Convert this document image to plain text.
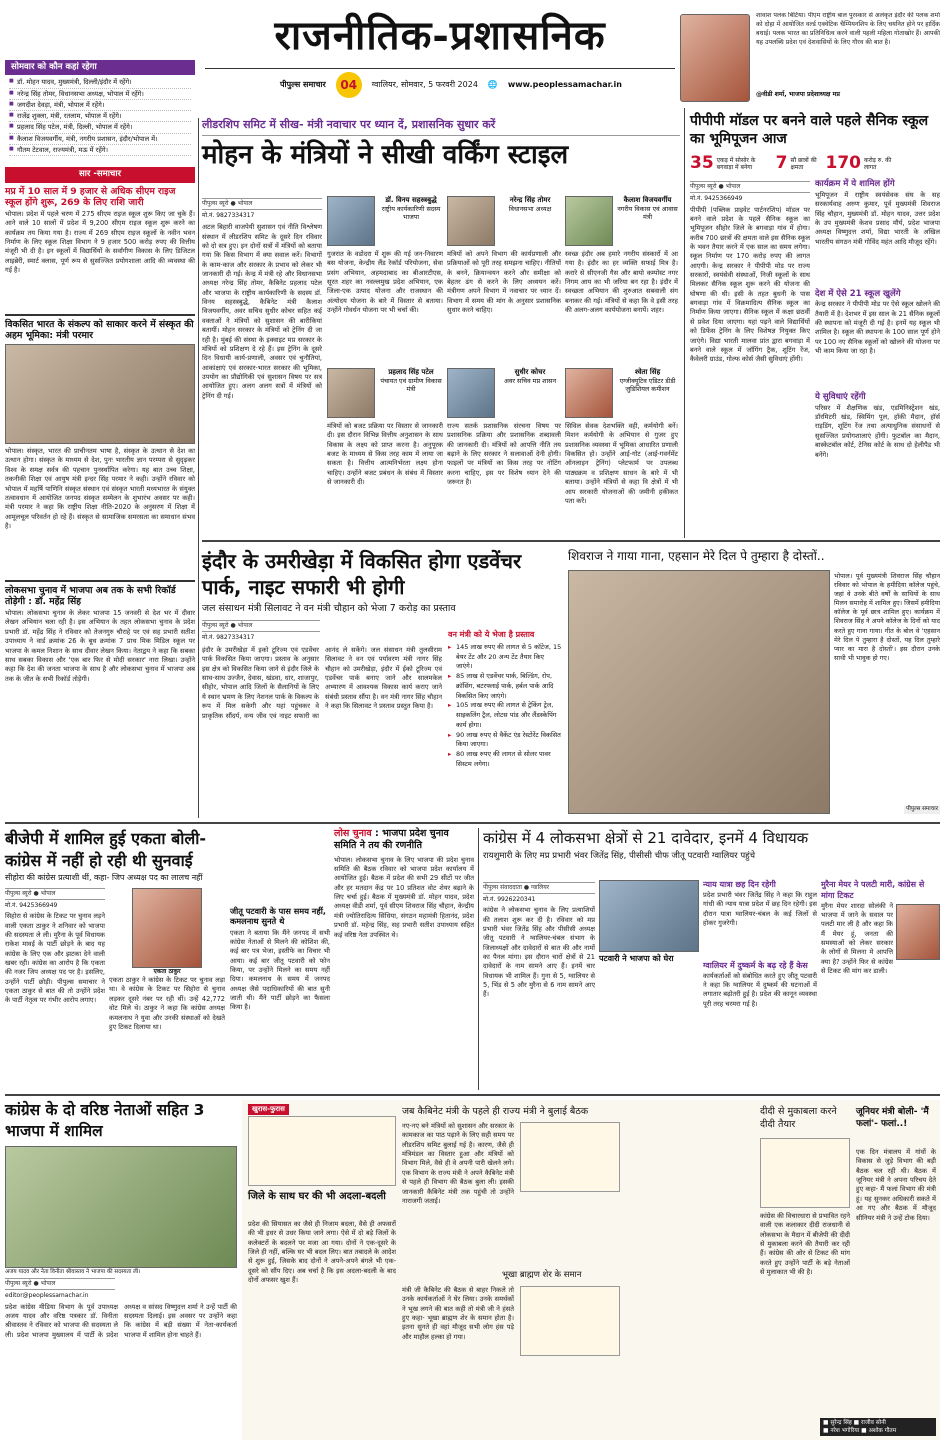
राजनीतिक-प्रशासनिक
पीपुल्स समाचार	04	ग्वालियर, सोमवार, 5 फरवरी 2024 🌐 www.peoplessamachar.in
शावाश पलक बिटिया। पीएम राष्ट्रीय बाल पुरस्कार से अलंकृत इंदौर की पलक शर्मा को दोहा में आयोजित वर्ल्ड एक्वेटिक चैम्पियनशिप के लिए चयनित होने पर हार्दिक बधाई। पलक भारत का प्रतिनिधित्व करने वाली पहली महिला गोताखोर हैं। आपकी यह उपलब्धि प्रदेश एवं देशवासियों के लिए गौरव की बात है।
@वीडी शर्मा, भाजपा प्रदेशाध्यक्ष मप्र
सोमवार को कौन कहां रहेगा
■ डॉ. मोहन यादव, मुख्यमंत्री, दिल्ली/इंदौर में रहेंगे।
■ नरेन्द्र सिंह तोमर, विधानसभा अध्यक्ष, भोपाल में रहेंगे।
■ जगदीश देवड़ा, मंत्री, भोपाल में रहेंगे।
■ राजेंद्र शुक्ला, मंत्री, रतलाम, भोपाल में रहेंगे।
■ प्रहलाद सिंह पटेल, मंत्री, दिल्ली, भोपाल में रहेंगे।
■ कैलाश विजयवर्गीय, मंत्री, नगरीय प्रशासन, इंदौर/भोपाल में।
■ गौतम टेटवाल, राज्यमंत्री, मऊ में रहेंगे।
सार -समाचार
मप्र में 10 साल में 9 हजार से अधिक सीएम राइज स्कूल होंगे शुरू, 269 के लिए राशि जारी
भोपाल। प्रदेश में पहले चरण में 275 सीएम राइज स्कूल शुरू किए जा चुके हैं। आने वाले 10 सालों में प्रदेश में 9,200 सीएम राइज स्कूल शुरू करने का कार्यक्रम तय किया गया है। राज्य में 269 सीएम राइज स्कूलों के नवीन भवन निर्माण के लिए स्कूल शिक्षा विभाग ने 9 हजार 500 करोड़ रुपए की वित्तीय मंजूरी भी दी है। इन स्कूलों में विद्यार्थियों के सर्वांगीण विकास के लिए डिजिटल लाइब्रेरी, स्मार्ट क्लास, पूर्ण रूप से सुसज्जित प्रयोगशाला आदि की व्यवस्था की गई है।
विकसित भारत के संकल्प को साकार करने में संस्कृत की अहम भूमिका: मंत्री परमार
भोपाल। संस्कृत, भारत की प्राचीनतम भाषा है, संस्कृत के उत्थान से देश का उत्थान होगा। संस्कृत के माध्यम से देश, पुनः भारतीय ज्ञान परम्परा से सुदृढ़कर विश्व के समक्ष सर्वत्र की पहचान पुनर्स्थापित करेगा। यह बात उच्च शिक्षा, तकनीकी शिक्षा एवं आयुष मंत्री इन्दर सिंह परमार ने कही। उन्होंने रविवार को भोपाल में महर्षि पाणिनि संस्कृत संस्थान एवं संस्कृत भारती मध्यभारत के संयुक्त तत्वावधान में आयोजित जनपद संस्कृत सम्मेलन के शुभारंभ अवसर पर कही। मंत्री परमार ने कहा कि राष्ट्रीय शिक्षा नीति-2020 के अनुसरण में शिक्षा में आमूलचूल परिवर्तन हो रहे हैं। संस्कृत से सामाजिक समरसता का समाधान संभव है।
लोकसभा चुनाव में भाजपा अब तक के सभी रिकॉर्ड तोड़ेगी : डॉ. महेंद्र सिंह
भोपाल। लोकसभा चुनाव के लेकर भाजपा 15 जनवरी से देश भर में दीवार लेखन अभियान चला रही है। इस अभियान के तहत लोकसभा चुनाव के प्रदेश प्रभारी डॉ. महेंद्र सिंह ने रविवार को तेजनगुरु चौराहे पर एवं सह प्रभारी सतीश उपाध्याय ने वार्ड क्रमांक 26 के बूथ क्रमांक 7 प्राथ मिक मिडिल स्कूल पर भाजपा के कमल निशान के साथ दीवार लेखन किया। नेताद्वय ने कहा कि सबका साथ सबका विकास और 'एक बार फिर से मोदी सरकार' नारा लिखा। उन्होंने कहा कि देश की जनता भाजपा के साथ है और लोकसभा चुनाव में भाजपा अब तक के जीत के सभी रिकॉर्ड तोड़ेगी।
लीडरशिप समिट में सीख- मंत्री नवाचार पर ध्यान दें, प्रशासनिक सुधार करें
मोहन के मंत्रियों ने सीखी वर्किंग स्टाइल
पीपुल्स ब्यूरो ● भोपाल
मो.नं. 9827334317
अटल बिहारी वाजपेयी सुशासन एवं नीति विश्लेषण संस्थान में लीडरशिप समिट के दूसरे दिन रविवार को दो सत्र हुए। इन दोनों सत्रों में मंत्रियों को बताया गया कि किस विभाग में क्या सवाल करें। विभागों के काम-काज और सरकार के प्रभाव को लेकर भी जानकारी दी गई। केन्द्र में मंत्री रहे और विधानसभा अध्यक्ष नरेन्द्र सिंह तोमर, कैबिनेट प्रहलाद पटेल और भाजपा के राष्ट्रीय कार्यकारिणी के सदस्य डॉ. विनय सहस्त्रबुद्धे, कैबिनेट मंत्री कैलाश विजयवर्गीय, अवर सचिव सुधीर कोचर सहित कई वक्ताओं ने मंत्रियों को सुशासन की बारीकियां बतायीं। मोहन सरकार के मंत्रियों को ट्रेनिंग दी जा रही है। मुंबई की संस्था के इक्वाइट मप्र सरकार के मंत्रियों को प्रशिक्षण दे रहे हैं। इस ट्रेनिंग के दूसरे दिन विधायी कार्य-प्रणाली, अवसर एवं चुनौतियां, आकांक्षाएं एवं सरकार-भारत सरकार की भूमिका, उपयोग का प्रौद्योगिकी एवं सुशासन विषय पर सत्र आयोजित हुए। अलग अलग सत्रों में मंत्रियों को ट्रेनिंग दी गई।
डॉ. विनय सहस्त्रबुद्धे
राष्ट्रीय कार्यकारिणी सदस्य भाजपा
गुजरात के वडोदरा में शुरू की गई जन-निवारण बस योजना, केन्द्रीय लैंड रेकॉर्ड परियोजना, सेवा प्रसंग अभियान, अहमदाबाद का बीआरटीएस, सूरत शहर का नवल्लमुख प्रदेश अभियान, एक जिला-एक उत्पाद योजना और राजस्थान की अंत्योदय योजना के बारे में विस्तार से बताया। उन्होंने गोवर्धन योजना पर भी चर्चा की।
नरेन्द्र सिंह तोमर
विधानसभा अध्यक्ष
मंत्रियों को अपने विभाग की कार्यप्रणाली और प्रक्रियाओं को पूरी तरह समझना चाहिए। नीतियों के बनने, क्रियान्वयन करने और समीक्षा को बेहतर ढंग से करने के लिए अध्ययन करें। मंत्रीगण अपने विभाग में नवाचार पर ध्यान दें। विभाग में समय की मांग के अनुसार प्रशासनिक सुधार करने चाहिए।
कैलाश विजयवर्गीय
नगरीय विकास एवं आवास मंत्री
स्वच्छ इंदौर अब हमारे नगरीय संस्कारों में आ गया है। इंदौर का हर व्यक्ति सफाई मित्र है। करारे से सीएनजी गैस और बायो कम्पोस्ट नगर निगम आय का भी जरिया बन रहा है। इंदौर में स्वच्छता अभियान की शुरुआत सबवाली संग बनाकर की गई। मंत्रियों से कहा कि वे इसी तरह की अलग-अलग कार्ययोजना बनायें। शहर।
प्रहलाद सिंह पटेल
पंचायत एवं ग्रामीण विकास मंत्री
मंत्रियों को बजट प्रक्रिया पर विस्तार से जानकारी दी। इस दौरान विभिन्न वित्तीय अनुशासन के साथ विकास के लक्ष्य को प्राप्त करना है। अनुपूरक बजट के माध्यम से किस तरह काम में लाया जा सकता है। वित्तीय आत्मनिर्भरता लक्ष्य होना चाहिए। उन्होंने बजट प्रबंधन के संबंध में विस्तार से जानकारी दी।
सुधीर कोचर
अवर सचिव मप्र शासन
राज्य सतर्क प्रशासनिक संरचना विषय पर प्रशासनिक प्रक्रिया और प्रशासनिक शब्दावली की जानकारी दी। मंत्रियों को आपत्ति नीति तय बढ़ाने के लिए सरकार ने सलावाओं देनी होगी। फाइलों पर मंत्रियों का किस तरह पर नोटिंग करना चाहिए, इस पर विशेष ध्यान देने की जरूरत है।
श्वेता सिंह
एग्जीक्यूटिव एडिटर डीडी जुडिशियल कमीशन
सिविल सेवक देशभक्ति वही, कर्मयोगी बनें। मिशन कर्मयोगी के अभियान से गुजर हुए प्रशासनिक व्यवस्था में भूमिका आधारित प्रणाली विकसित हो। उन्होंने आई-गोट (आई-गवर्नमेंट ऑनलाइन ट्रेनिंग) प्लेटफार्म पर उपलब्ध पाठ्यक्रम व प्रशिक्षण साधन के बारे में भी बताया। उन्होंने मंत्रियों से कहा वि क्षेत्रों में भी आप सरकारी योजनाओं की जमीनी हकीकत पता करें।
पीपीपी मॉडल पर बनने वाले पहले सैनिक स्कूल का भूमिपूजन आज
35 एकड़ में सोसोर के बगवाड़ा में बनेगा	7 सौ छात्रों की क्षमता	170 करोड़ रु. की लागत
पीपुल्स ब्यूरो ● भोपाल
मो.नं. 9425366949
पीपीपी (पब्लिक प्राइवेट पार्टनरशिप) मॉडल पर बनने वाले प्रदेश के पहले सैनिक स्कूल का भूमिपूजन सीहोर जिले के बगवाड़ा गांव में होगा। करीब 700 छात्रों की क्षमता वाले इस सैनिक स्कूल के भवन तैयार करने में एक साल का समय लगेगा। स्कूल निर्माण पर 170 करोड़ रुपए की लागत आएगी। केन्द्र सरकार ने पीपीपी मोड पर राज्य सरकारों, स्वयंसेवी संस्थाओं, निजी स्कूलों के साथ मिलकर सैनिक स्कूल शुरू करने की योजना की घोषणा की थी। इसी के तहत बुधनी के पास बगवाड़ा गांव में विक्रमादित्य सैनिक स्कूल का निर्माण किया जाएगा। सैनिक स्कूल में कक्षा छठवीं से प्रवेश दिया जाएगा। यहां पढ़ने वाले विद्यार्थियों को डिफेंस ट्रेनिंग के लिए विशेषज्ञ नियुक्त किए जाएंगे। विद्या भारती मालवा प्रांत द्वारा बगवाड़ा में बनने वाले स्कूल में जॉगिंग ट्रैक, शूटिंग रेंज, कैवेलरी ग्राउंड, गोल्फ कोर्स जैसी सुविधाएं होंगी।
कार्यक्रम में ये शामिल होंगे
भूमिपूजन में राष्ट्रीय स्वयंसेवक संघ के सह सरकार्यवाह अरुण कुमार, पूर्व मुख्यमंत्री शिवराज सिंह चौहान, मुख्यमंत्री डॉ. मोहन यादव, उत्तर प्रदेश के उप मुख्यमंत्री केशव प्रसाद मौर्य, प्रदेश भाजपा अध्यक्ष विष्णुदत्त शर्मा, विद्या भारती के अखिल भारतीय संगठन मंत्री गोविंद महंत आदि मौजूद रहेंगे।
देश में ऐसे 21 स्कूल खुलेंगे
केन्द्र सरकार ने पीपीपी मोड पर ऐसे स्कूल खोलने की तैयारी में है। देशभर में इस साल के 21 सैनिक स्कूलों की स्थापना को मंजूरी दी गई है। इनमें यह स्कूल भी शामिल है। स्कूल की स्थापना के 100 साल पूर्ण होने पर 100 नए सैनिक स्कूलों को खोलने की योजना पर भी काम किया जा रहा है।
ये सुविधाएं रहेंगी
परिसर में शैक्षणिक खंड, एडमिनिस्ट्रेशन खंड, डॉरमिटरी खंड, स्विमिंग पूल, हॉकी मैदान, हॉर्स राइडिंग, शूटिंग रेंज तथा अत्याधुनिक संसाधनों से सुसज्जित प्रयोगशालाएं होंगी। फुटबॉल का मैदान, बास्केटबॉल कोर्ट, टेनिस कोर्ट के साथ दो हेलीपैड भी बनेंगे।
इंदौर के उमरीखेड़ा में विकसित होगा एडवेंचर पार्क, नाइट सफारी भी होगी
जल संसाधन मंत्री सिलावट ने वन मंत्री चौहान को भेजा 7 करोड़ का प्रस्ताव
पीपुल्स ब्यूरो ● भोपाल
मो.नं. 9827334317
इंदौर के उमरीखेड़ा में इको टूरिज्म एवं एडवेंचर पार्क विकसित किया जाएगा। प्रस्ताव के अनुसार इस क्षेत्र को विकसित किया जाने से इंदौर जिले के साथ-साथ उज्जैन, देवास, खंडवा, धार, शाजापुर, सीहोर, भोपाल आदि जिलों के सैलानियों के लिए ये स्थान भ्रमण के लिए नेशनल पार्क के विकल्प के रूप में मिल सकेगी और यहां पहुंचकर वे प्राकृतिक सौंदर्य, वन्य जीव एवं नाइट सफारी का आनंद ले सकेंगे। जल संसाधन मंत्री तुलसीराम सिलावट ने वन एवं पर्यावरण मंत्री नागर सिंह चौहान को उमरीखेड़ा, इंदौर में ईको टूरिज्म एवं एडवेंचर पार्क बनाए जाने और सालमकेल अभ्यारण में आवश्यक विकास कार्य कराए जाने संबंधी प्रस्ताव सौंपा है। वन मंत्री नागर सिंह चौहान ने कहा कि सिलावट ने प्रस्ताव प्रस्तुत किया है।
वन मंत्री को ये भेजा है प्रस्ताव
▸ 145 लाख रुपए की लागत से 5 कॉटेज, 15 बेयर टेंट और 20 अन्य टेंट तैयार किए जाएंगे।
▸ 85 लाख से एडवेंचर पार्क, बिल्डिंग, रोप, क्रॉसिंग, बटरफ्लाई पार्क, हर्बल पार्क आदि विकसित किए जाएंगे।
▸ 105 लाख रुपए की लागत से ट्रेकिंग ट्रेल, साइकलिंग ट्रैल, लोटस पांड और लैंडस्केपिंग कार्य होगा।
▸ 90 लाख रुपए से वैकेंट एंड रेस्टोरेंट विकसित किया जाएगा।
▸ 80 लाख रुपए की लागत से सोलर पावर सिस्टम लगेगा।
शिवराज ने गाया गाना, एहसान मेरे दिल पे तुम्हारा है दोस्तों..
भोपाल। पूर्व मुख्यमंत्री शिवराज सिंह चौहान रविवार को भोपाल के हमीदिया कॉलेज पहुंचे, जहां वे उनके बीते वर्षों के साथियों के साथ मिलन समारोह में शामिल हुए। जिसमें हमीदिया कॉलेज के पूर्व छात्र शामिल हुए। कार्यक्रम में शिवराज सिंह ने अपने कॉलेज के दिनों को याद करते हुए गाना गाया। गीत के बोल थे 'एहसान मेरे दिल पे तुम्हारा है दोस्तों, यह दिल तुम्हारे प्यार का मारा है दोस्तों'। इस दौरान उनके साथी भी भावुक हो गए।
पीपुल्स समाचार
बीजेपी में शामिल हुई एकता बोली- कांग्रेस में नहीं हो रही थी सुनवाई
सीहोरा की कांग्रेस प्रत्याशी थीं, कहा- जिप अध्यक्ष पद का लालच नहीं
पीपुल्स ब्यूरो ● भोपाल
मो.नं. 9425366949
सिहोरा से कांग्रेस के टिकट पर चुनाव लड़ने वाली एकता ठाकुर ने शनिवार को भाजपा की सदस्यता ले ली। मुरैना के पूर्व विधायक राकेश मावई के पार्टी छोड़ने के बाद यह कांग्रेस के लिए एक और झटका देने वाली खबर रही। कांग्रेस का आरोप है कि एकता की नजर जिप अध्यक्ष पद पर है। इसलिए, उन्होंने पार्टी छोड़ी। पीपुल्स समाचार ने एकता ठाकुर से बात की तो उन्होंने प्रदेश के पार्टी नेतृत्व पर गंभीर आरोप लगाए।
एकता ठाकुर
एकता ठाकुर ने कांग्रेस के टिकट पर चुनाव लड़ा था। वे कांग्रेस के टिकट पर सिहोरा से चुनाव लड़कर दूसरे नंबर पर रही थीं। उन्हें 42,772 वोट मिले थे। ठाकुर ने कहा कि कांग्रेस अध्यक्ष कमलनाथ ने युवा और उनकी संस्थाओं को देखते हुए टिकट दिलाया था।
जीतू पटवारी के पास समय नहीं, कमलनाथ सुनते थे
एकता ने बताया कि मैंने जनपद में सभी कांग्रेस नेताओं से मिलने की कोशिश की, कई बार पत्र भेजा, इस्तीफे का विचार भी आया। कई बार जीतू पटवारी को फोन किया, पर उन्होंने मिलने का समय नहीं दिया। कमलनाथ के समय में जनपद अध्यक्ष जैसे पदाधिकारियों की बात सुनी जाती थी। मैंने पार्टी छोड़ने का फैसला किया है।
लोस चुनाव : भाजपा प्रदेश चुनाव समिति ने तय की रणनीति
भोपाल। लोकसभा चुनाव के लिए भाजपा की प्रदेश चुनाव समिति की बैठक रविवार को भाजपा प्रदेश कार्यालय में आयोजित हुई। बैठक में प्रदेश की सभी 29 सीटों पर जीत और हर मतदान केंद्र पर 10 प्रतिशत वोट शेयर बढ़ाने के लिए चर्चा हुई। बैठक में मुख्यमंत्री डॉ. मोहन यादव, प्रदेश अध्यक्ष वीडी शर्मा, पूर्व सीएम शिवराज सिंह चौहान, केन्द्रीय मंत्री ज्योतिरादित्य सिंधिया, संगठन महामंत्री हितानंद, प्रदेश प्रभारी डॉ. महेन्द्र सिंह, सह प्रभारी सतीश उपाध्याय सहित कई वरिष्ठ नेता उपस्थित थे।
कांग्रेस में 4 लोकसभा क्षेत्रों से 21 दावेदार, इनमें 4 विधायक
रायशुमारी के लिए मप्र प्रभारी भंवर जितेंद्र सिंह, पीसीसी चीफ जीतू पटवारी ग्वालियर पहुंचे
पीपुल्स संवाददाता ● ग्वालियर
मो.नं. 9926220341
कांग्रेस ने लोकसभा चुनाव के लिए प्रत्याशियों की तलाश शुरू कर दी है। रविवार को मप्र प्रभारी भंवर जितेंद्र सिंह और पीसीसी अध्यक्ष जीतू पटवारी ने ग्वालियर-चंबल संभाग के जिलाध्यक्षों और दावेदारों से बात की और नामों का पैनल मांगा। इस दौरान चारों क्षेत्रों से 21 दावेदारों के नाम सामने आए हैं। इनमें चार विधायक भी शामिल हैं। गुना से 5, ग्वालियर से 5, भिंड से 5 और मुरैना से 6 नाम सामने आए हैं।
पटवारी ने भाजपा को घेरा
न्याय यात्रा छह दिन रहेगी
प्रदेश प्रभारी भंवर जितेंद्र सिंह ने कहा कि राहुल गांधी की न्याय यात्रा प्रदेश में छह दिन रहेगी। इस दौरान यात्रा ग्वालियर-चंबल के कई जिलों से होकर गुजरेगी।
ग्वालियर में दुष्कर्म के बढ़ रहे हैं केस
कार्यकर्ताओं को संबोधित करते हुए जीतू पटवारी ने कहा कि ग्वालियर में दुष्कर्म की घटनाओं में लगातार बढ़ोतरी हुई है। प्रदेश की कानून व्यवस्था पूरी तरह चरमरा गई है।
मुरैना मेयर ने पलटी मारी, कांग्रेस से मांगा टिकट
मुरैना मेयर शारदा सोलंकी ने भाजपा में जाने के सवाल पर पलटी मार ली है और कहा कि मैं मेयर हूं, जनता की समस्याओं को लेकर सरकार के लोगों से मिलना मे आपत्ति क्या है? उन्होंने फिर से कांग्रेस से टिकट की मांग कर डाली।
कांग्रेस के दो वरिष्ठ नेताओं सहित 3 भाजपा में शामिल
अजय यादव और नेता विनीता श्रीवास्तव ने भाजपा की सदस्यता ली।
पीपुल्स ब्यूरो ● भोपाल
editor@peoplessamachar.in
प्रदेश कांग्रेस मीडिया विभाग के पूर्व उपाध्यक्ष अजय यादव और वरिष्ठ पत्रकार डॉ. विनीता श्रीवास्तव ने रविवार को भाजपा की सदस्यता ले ली। प्रदेश भाजपा मुख्यालय में पार्टी के प्रदेश अध्यक्ष व सांसद विष्णुदत्त शर्मा ने उन्हें पार्टी की सदस्यता दिलाई। इस अवसर पर उन्होंने कहा कि कांग्रेस में बड़ी संख्या में नेता-कार्यकर्ता भाजपा में शामिल होना चाहते हैं।
खुरास-फुरास
जिले के साथ घर की भी अदला-बदली
प्रदेश की सियासत का जैसे ही निजाम बदला, वैसे ही अफसरों की भी इधर से उधर किया जाने लगा। ऐसे में दो बड़े जिलों के कलेक्टरों के बदलने पर मजा आ गया। दोनों ने एक-दूसरे के जिले ही नहीं, बल्कि घर भी बदल लिए। बात तबादले के आदेश से शुरू हुई, जिसके बाद दोनों ने अपने-अपने बंगले भी एक-दूसरे को सौंप दिए। अब चर्चा है कि इस अदला-बदली के बाद दोनों अफसर खुश हैं।
जब कैबिनेट मंत्री के पहले ही राज्य मंत्री ने बुलाई बैठक
नए-नए बने मंत्रियों को सुशासन और सरकार के कामकाज का पाठ पढ़ाने के लिए सही समय पर लीडरशिप समिट बुलाई गई है। कारण, जैसे ही मंत्रिमंडल का विस्तार हुआ और मंत्रियों को विभाग मिले, वैसे ही वे अपनी पारी खेलने लगे। एक विभाग के राज्य मंत्री ने अपने कैबिनेट मंत्री से पहले ही विभाग की बैठक बुला ली। इसकी जानकारी कैबिनेट मंत्री तक पहुंची तो उन्होंने नाराजगी जताई।
भूखा ब्राह्मण शेर के समान
मंत्री जी कैबिनेट की बैठक से बाहर निकले तो उनके कार्यकर्ताओं ने घेर लिया। उनके समर्थकों ने भूख लगने की बात कही तो मंत्री जी ने हंसते हुए कहा- भूखा ब्राह्मण शेर के समान होता है। इतना सुनते ही वहां मौजूद सभी लोग हंस पड़े और माहौल हल्का हो गया।
दीदी से मुकाबला करने दीदी तैयार
कांग्रेस की विचारधारा से प्रभावित रहने वाली एक कलाकार दीदी राजधानी से लोकसभा के मैदान में बीजेपी की दीदी से मुकाबला करने की तैयारी कर रही हैं। कांग्रेस की ओर से टिकट की मांग करते हुए उन्होंने पार्टी के बड़े नेताओं से मुलाकात भी की है।
जूनियर मंत्री बोली- 'मैं फलां'- फलां..!
एक दिन मंत्रालय में गांवों के विकास से जुड़े विभाग की बड़ी बैठक चल रही थी। बैठक में जूनियर मंत्री ने अपना परिचय देते हुए कहा- मैं फलां विभाग की मंत्री हूं। यह सुनकर अधिकारी सकते में आ गए और बैठक में मौजूद सीनियर मंत्री ने उन्हें टोक दिया।
■ सुरेन्द्र सिंह ■ राजीव सोनी
■ नरेश भगोरिया ■ अशोक गौतम
